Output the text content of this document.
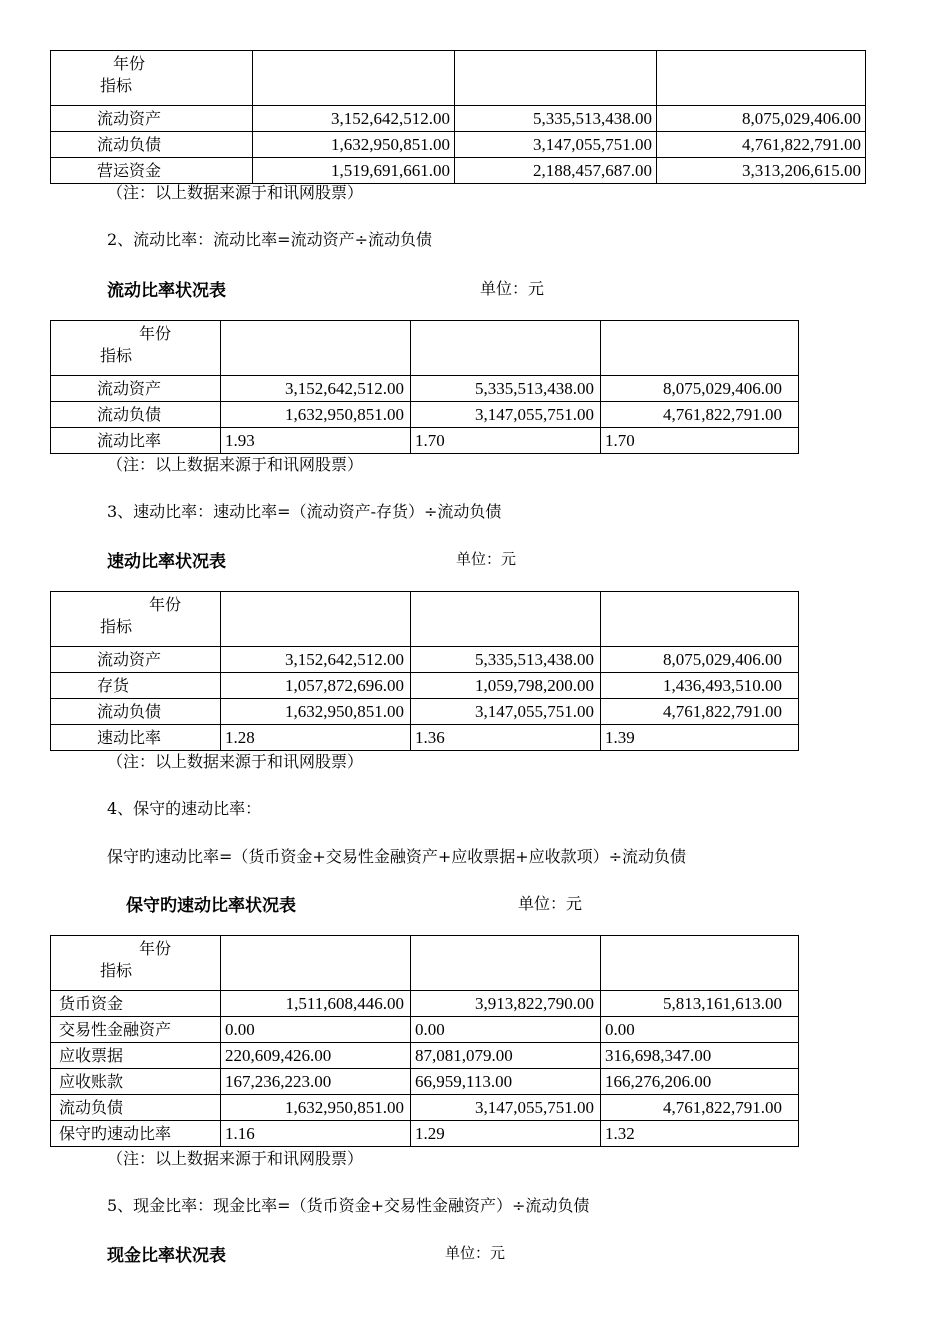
年份
指标			

流动资产	3,152,642,512.00	5,335,513,438.00	8,075,029,406.00
流动负债	1,632,950,851.00	3,147,055,751.00	4,761,822,791.00
营运资金	1,519,691,661.00	2,188,457,687.00	3,313,206,615.00
（注：以上数据来源于和讯网股票）
2、流动比率：流动比率=流动资产÷流动负债
流动比率状况表	单位：元
年份
指标			

流动资产	3,152,642,512.00	5,335,513,438.00	8,075,029,406.00
流动负债	1,632,950,851.00	3,147,055,751.00	4,761,822,791.00
流动比率	1.93	1.70	1.70
（注：以上数据来源于和讯网股票）
3、速动比率：速动比率=（流动资产-存货）÷流动负债
速动比率状况表	单位：元
年份
指标			

流动资产	3,152,642,512.00	5,335,513,438.00	8,075,029,406.00
存货	1,057,872,696.00	1,059,798,200.00	1,436,493,510.00
流动负债	1,632,950,851.00	3,147,055,751.00	4,761,822,791.00
速动比率	1.28	1.36	1.39
（注：以上数据来源于和讯网股票）
4、保守的速动比率：
保守旳速动比率=（货币资金+交易性金融资产+应收票据+应收款项）÷流动负债
保守旳速动比率状况表	单位：元
年份
指标			

货币资金	1,511,608,446.00	3,913,822,790.00	5,813,161,613.00
交易性金融资产	0.00	0.00	0.00
应收票据	220,609,426.00	87,081,079.00	316,698,347.00
应收账款	167,236,223.00	66,959,113.00	166,276,206.00
流动负债	1,632,950,851.00	3,147,055,751.00	4,761,822,791.00
保守旳速动比率	1.16	1.29	1.32
（注：以上数据来源于和讯网股票）
5、现金比率：现金比率=（货币资金+交易性金融资产）÷流动负债
现金比率状况表	单位：元
